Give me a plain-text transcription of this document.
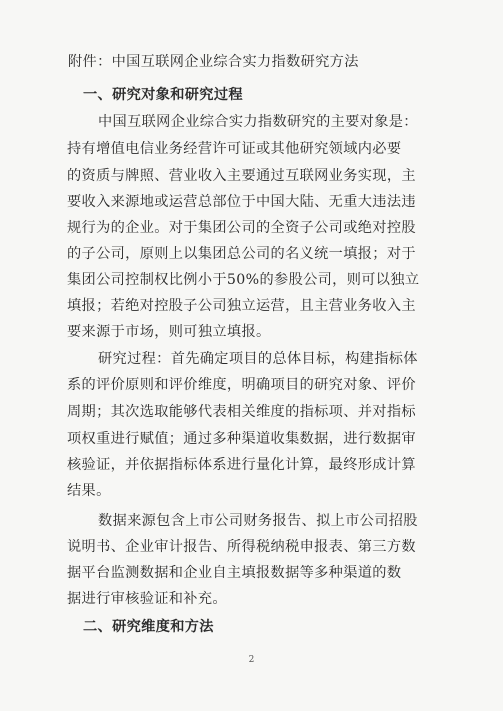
附件：中国互联网企业综合实力指数研究方法
一、研究对象和研究过程
中国互联网企业综合实力指数研究的主要对象是：
持有增值电信业务经营许可证或其他研究领域内必要
的资质与牌照、营业收入主要通过互联网业务实现，主
要收入来源地或运营总部位于中国大陆、无重大违法违
规行为的企业。对于集团公司的全资子公司或绝对控股
的子公司，原则上以集团总公司的名义统一填报；对于
集团公司控制权比例小于50%的参股公司，则可以独立
填报；若绝对控股子公司独立运营，且主营业务收入主
要来源于市场，则可独立填报。
研究过程：首先确定项目的总体目标，构建指标体
系的评价原则和评价维度，明确项目的研究对象、评价
周期；其次选取能够代表相关维度的指标项、并对指标
项权重进行赋值；通过多种渠道收集数据，进行数据审
核验证，并依据指标体系进行量化计算，最终形成计算
结果。
数据来源包含上市公司财务报告、拟上市公司招股
说明书、企业审计报告、所得税纳税申报表、第三方数
据平台监测数据和企业自主填报数据等多种渠道的数
据进行审核验证和补充。
二、研究维度和方法
2
